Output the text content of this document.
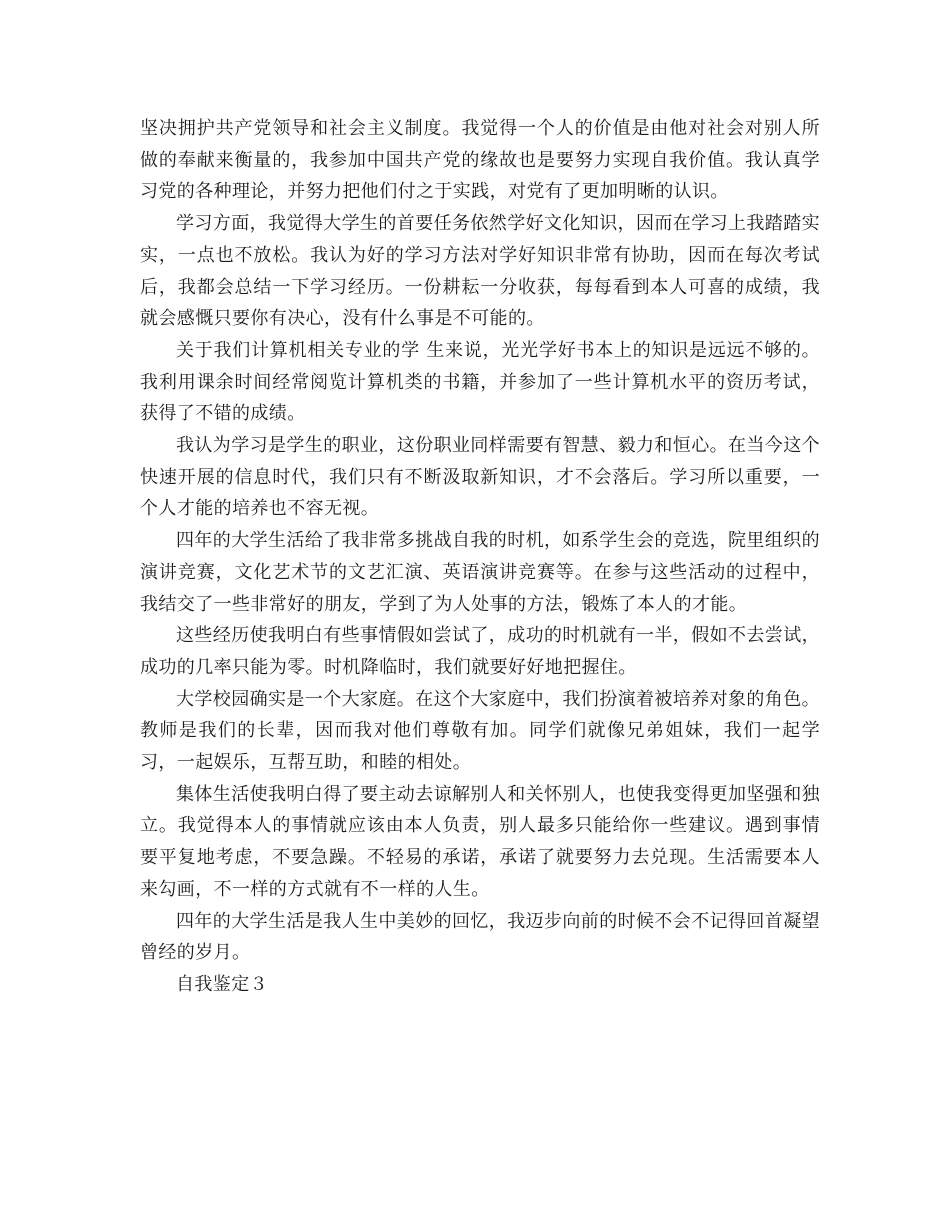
坚决拥护共产党领导和社会主义制度。我觉得一个人的价值是由他对社会对别人所做的奉献来衡量的，我参加中国共产党的缘故也是要努力实现自我价值。我认真学习党的各种理论，并努力把他们付之于实践，对党有了更加明晰的认识。

学习方面，我觉得大学生的首要任务依然学好文化知识，因而在学习上我踏踏实实，一点也不放松。我认为好的学习方法对学好知识非常有协助，因而在每次考试后，我都会总结一下学习经历。一份耕耘一分收获，每每看到本人可喜的成绩，我就会感慨只要你有决心，没有什么事是不可能的。

关于我们计算机相关专业的学 生来说，光光学好书本上的知识是远远不够的。我利用课余时间经常阅览计算机类的书籍，并参加了一些计算机水平的资历考试，获得了不错的成绩。

我认为学习是学生的职业，这份职业同样需要有智慧、毅力和恒心。在当今这个快速开展的信息时代，我们只有不断汲取新知识，才不会落后。学习所以重要，一个人才能的培养也不容无视。

四年的大学生活给了我非常多挑战自我的时机，如系学生会的竞选，院里组织的演讲竞赛，文化艺术节的文艺汇演、英语演讲竞赛等。在参与这些活动的过程中，我结交了一些非常好的朋友，学到了为人处事的方法，锻炼了本人的才能。

这些经历使我明白有些事情假如尝试了，成功的时机就有一半，假如不去尝试，成功的几率只能为零。时机降临时，我们就要好好地把握住。

大学校园确实是一个大家庭。在这个大家庭中，我们扮演着被培养对象的角色。教师是我们的长辈，因而我对他们尊敬有加。同学们就像兄弟姐妹，我们一起学习，一起娱乐，互帮互助，和睦的相处。

集体生活使我明白得了要主动去谅解别人和关怀别人，也使我变得更加坚强和独立。我觉得本人的事情就应该由本人负责，别人最多只能给你一些建议。遇到事情要平复地考虑，不要急躁。不轻易的承诺，承诺了就要努力去兑现。生活需要本人来勾画，不一样的方式就有不一样的人生。

四年的大学生活是我人生中美妙的回忆，我迈步向前的时候不会不记得回首凝望曾经的岁月。

自我鉴定３
